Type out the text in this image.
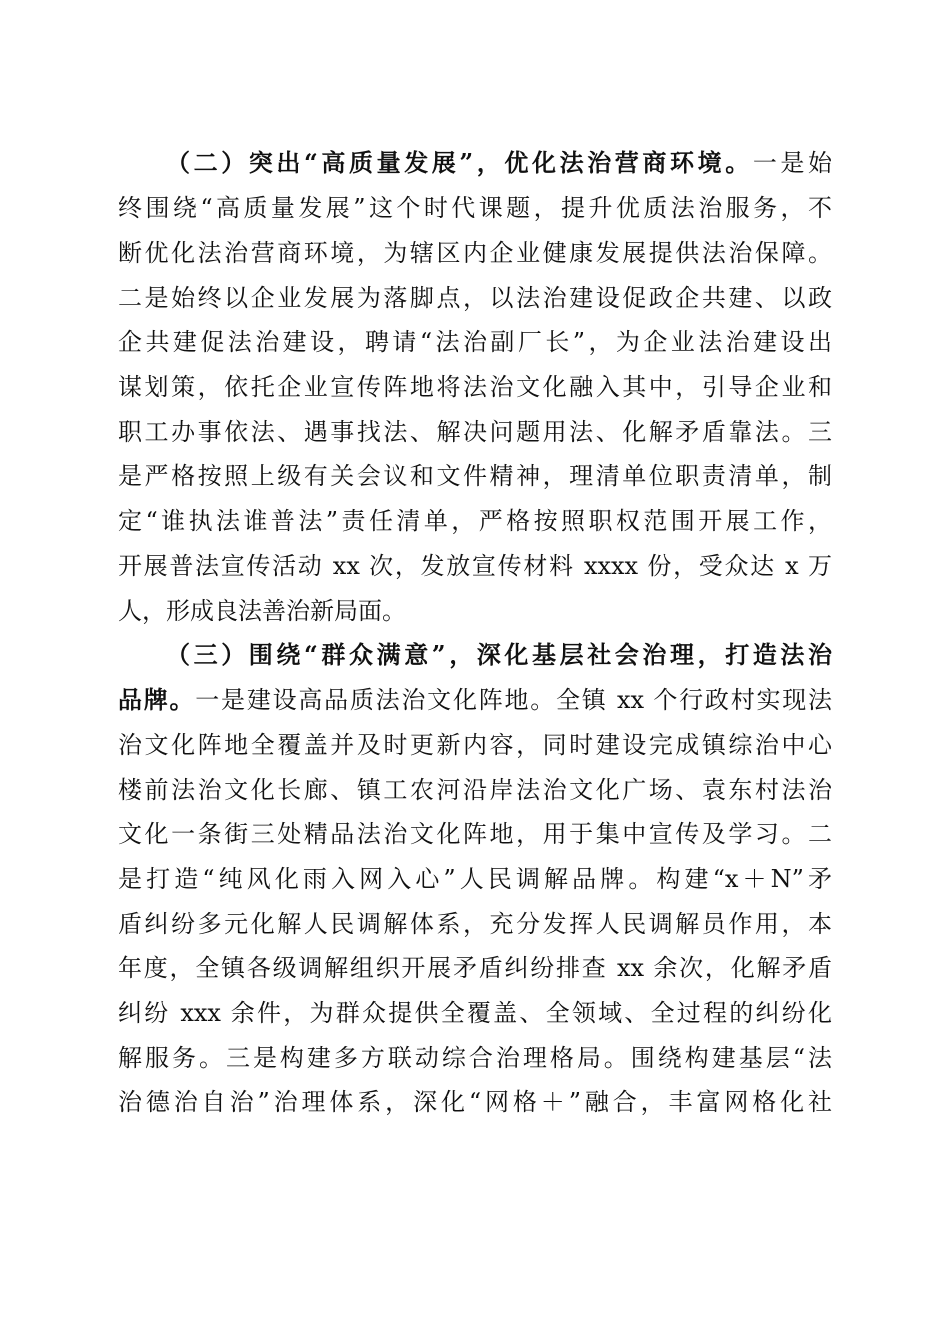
（二）突出“高质量发展”，优化法治营商环境。一是始
终围绕“高质量发展”这个时代课题，提升优质法治服务，不
断优化法治营商环境，为辖区内企业健康发展提供法治保障。
二是始终以企业发展为落脚点，以法治建设促政企共建、以政
企共建促法治建设，聘请“法治副厂长”，为企业法治建设出
谋划策，依托企业宣传阵地将法治文化融入其中，引导企业和
职工办事依法、遇事找法、解决问题用法、化解矛盾靠法。三
是严格按照上级有关会议和文件精神，理清单位职责清单，制
定“谁执法谁普法”责任清单，严格按照职权范围开展工作，
开展普法宣传活动 xx 次，发放宣传材料 xxxx 份，受众达 x 万
人，形成良法善治新局面。
（三）围绕“群众满意”，深化基层社会治理，打造法治
品牌。一是建设高品质法治文化阵地。全镇 xx 个行政村实现法
治文化阵地全覆盖并及时更新内容，同时建设完成镇综治中心
楼前法治文化长廊、镇工农河沿岸法治文化广场、袁东村法治
文化一条街三处精品法治文化阵地，用于集中宣传及学习。二
是打造“纯风化雨入网入心”人民调解品牌。构建“x＋N”矛
盾纠纷多元化解人民调解体系，充分发挥人民调解员作用，本
年度，全镇各级调解组织开展矛盾纠纷排查 xx 余次，化解矛盾
纠纷 xxx 余件，为群众提供全覆盖、全领域、全过程的纠纷化
解服务。三是构建多方联动综合治理格局。围绕构建基层“法
治德治自治”治理体系，深化“网格＋”融合，丰富网格化社
